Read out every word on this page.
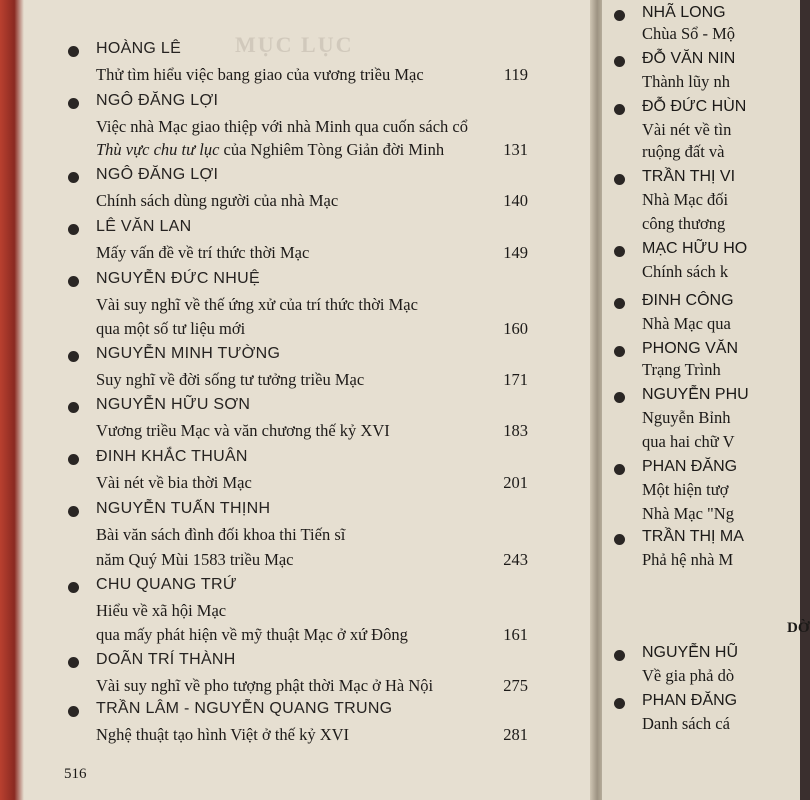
MỤC LỤC
HOÀNG LÊ
Thử tìm hiểu việc bang giao của vương triều Mạc	119
NGÔ ĐĂNG LỢI
Việc nhà Mạc giao thiệp với nhà Minh qua cuốn sách cổ
Thù vực chu tư lục của Nghiêm Tòng Giản đời Minh	131
NGÔ ĐĂNG LỢI
Chính sách dùng người của nhà Mạc	140
LÊ VĂN LAN
Mấy vấn đề về trí thức thời Mạc	149
NGUYỄN ĐỨC NHUỆ
Vài suy nghĩ về thế ứng xử của trí thức thời Mạc
qua một số tư liệu mới	160
NGUYỄN MINH TƯỜNG
Suy nghĩ về đời sống tư tưởng triều Mạc	171
NGUYỄN HỮU SƠN
Vương triều Mạc và văn chương thế kỷ XVI	183
ĐINH KHẮC THUÂN
Vài nét về bia thời Mạc	201
NGUYỄN TUẤN THỊNH
Bài văn sách đình đối khoa thi Tiến sĩ
năm Quý Mùi 1583 triều Mạc	243
CHU QUANG TRỨ
Hiểu về xã hội Mạc
qua mấy phát hiện về mỹ thuật Mạc ở xứ Đông	161
DOÃN TRÍ THÀNH
Vài suy nghĩ về pho tượng phật thời Mạc ở Hà Nội	275
TRẦN LÂM - NGUYỄN QUANG TRUNG
Nghệ thuật tạo hình Việt ở thế kỷ XVI	281
516
NHÃ LONG
Chùa Sổ - Mộ
ĐỖ VĂN NIN
Thành lũy nh
ĐỖ ĐỨC HÙN
Vài nét về tìn
ruộng đất và
TRẦN THỊ VI
Nhà Mạc đối
công thương
MẠC HỮU HO
Chính sách k
ĐINH CÔNG
Nhà Mạc qua
PHONG VĂN
Trạng Trình
NGUYỄN PHU
Nguyễn Bỉnh
qua hai chữ V
PHAN ĐĂNG
Một hiện tượ
Nhà Mạc "Ng
TRẦN THỊ MA
Phả hệ nhà M
DỜ
NGUYỄN HŨ
Về gia phả dò
PHAN ĐĂNG
Danh sách cá
